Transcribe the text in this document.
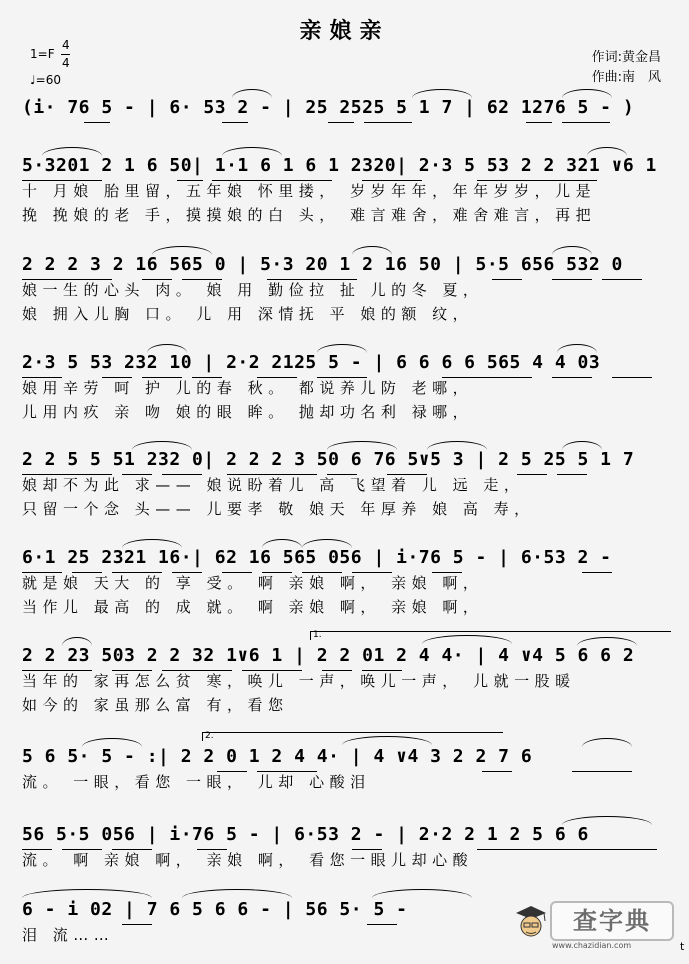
亲娘亲
1=F
4
4
♩=60
作词:黄金昌
作曲:南　风
(i· 76 5 - | 6· 53 2 - | 25 2525 5 1 7 | 62 1276 5 - )
5·3201 2 1 6 50| 1·1 6 1 6 1 2320| 2·3 5 53 2 2 321 ∨6 1
十 月娘 胎里留，五年娘 怀里搂， 岁岁年年，年年岁岁，儿是
挽 挽娘的老 手，摸摸娘的白 头， 难言难舍，难舍难言，再把
2 2 2 3 2 16 565 0 | 5·3 20 1 2 16 50 | 5·5 656 532 0
娘一生的心头 肉。 娘 用 勤俭拉 扯 儿的冬 夏，
娘 拥入儿胸 口。 儿 用 深情抚 平 娘的额 纹，
2·3 5 53 232 10 | 2·2 2125 5 - | 6 6 6 6 565 4 4 03
娘用辛劳 呵 护 儿的春 秋。 都说养儿防 老哪，
儿用内疚 亲 吻 娘的眼 眸。 抛却功名利 禄哪，
2 2 5 5 51 232 0| 2 2 2 3 50 6 76 5∨5 3 | 2 5 25 5 1 7
娘却不为此 求—— 娘说盼着儿 高 飞望着 儿 远 走，
只留一个念 头—— 儿要孝 敬 娘天 年厚养 娘 高 寿，
6·1 25 2321 16·| 62 16 565 056 | i·76 5 - | 6·53 2 -
就是娘 天大 的 享 受。 啊 亲娘 啊， 亲娘 啊，
当作儿 最高 的 成 就。 啊 亲娘 啊， 亲娘 啊，
1.
2 2 23 503 2 2 32 1∨6 1 | 2 2 01 2 4 4· | 4 ∨4 5 6 6 2
当年的 家再怎么贫 寒，唤儿 一声，唤儿一声， 儿就一股暖
如今的 家虽那么富 有，看您
2.
5 6 5· 5 - :| 2 2 0 1 2 4 4· | 4 ∨4 3 2 2 7 6
流。 一眼，看您 一眼， 儿却 心酸泪
56 5·5 056 | i·76 5 - | 6·53 2 - | 2·2 2 1 2 5 6 6
流。 啊 亲娘 啊， 亲娘 啊， 看您一眼儿却心酸
6 - i 02 | 7 6 5 6 6 - | 56 5· 5 -
泪 流……	查字典
www.chazidian.com	t
